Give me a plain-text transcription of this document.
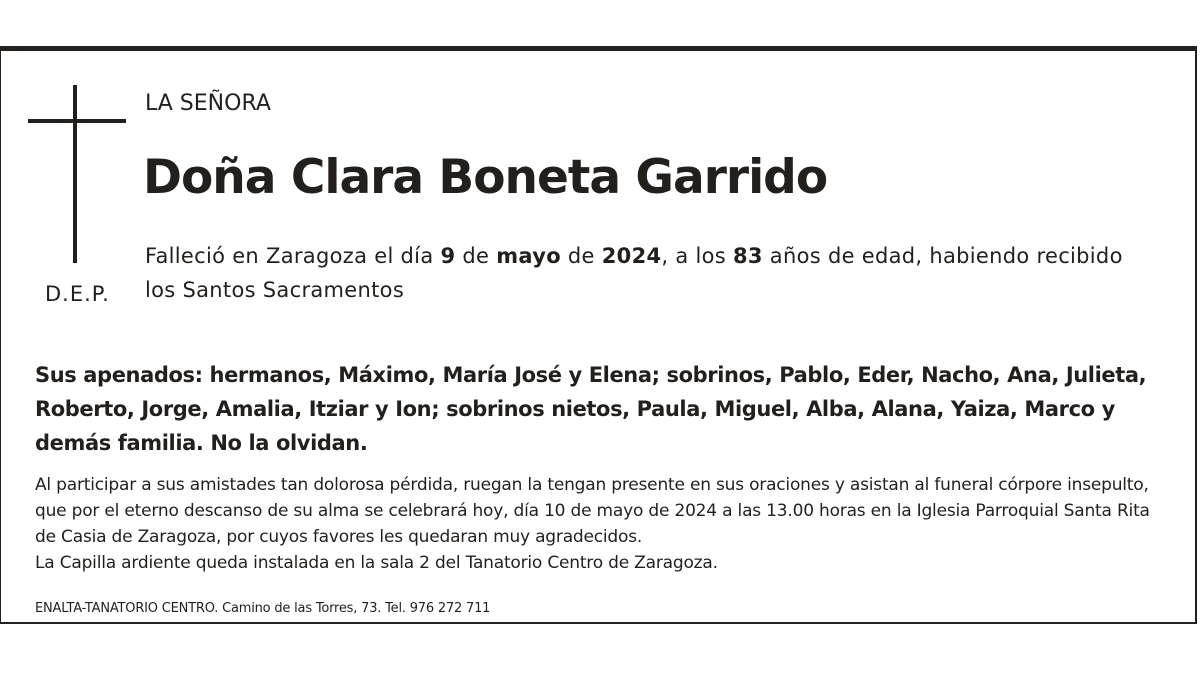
D.E.P.
LA SEÑORA
Doña Clara Boneta Garrido
Falleció en Zaragoza el día 9 de mayo de 2024, a los 83 años de edad, habiendo recibido los Santos Sacramentos
Sus apenados: hermanos, Máximo, María José y Elena; sobrinos, Pablo, Eder, Nacho, Ana, Julieta, Roberto, Jorge, Amalia, Itziar y Ion; sobrinos nietos, Paula, Miguel, Alba, Alana, Yaiza, Marco y demás familia. No la olvidan.
Al participar a sus amistades tan dolorosa pérdida, ruegan la tengan presente en sus oraciones y asistan al funeral córpore insepulto, que por el eterno descanso de su alma se celebrará hoy, día 10 de mayo de 2024 a las 13.00 horas en la Iglesia Parroquial Santa Rita de Casia de Zaragoza, por cuyos favores les quedaran muy agradecidos.
La Capilla ardiente queda instalada en la sala 2 del Tanatorio Centro de Zaragoza.
ENALTA-TANATORIO CENTRO. Camino de las Torres, 73. Tel. 976 272 711
